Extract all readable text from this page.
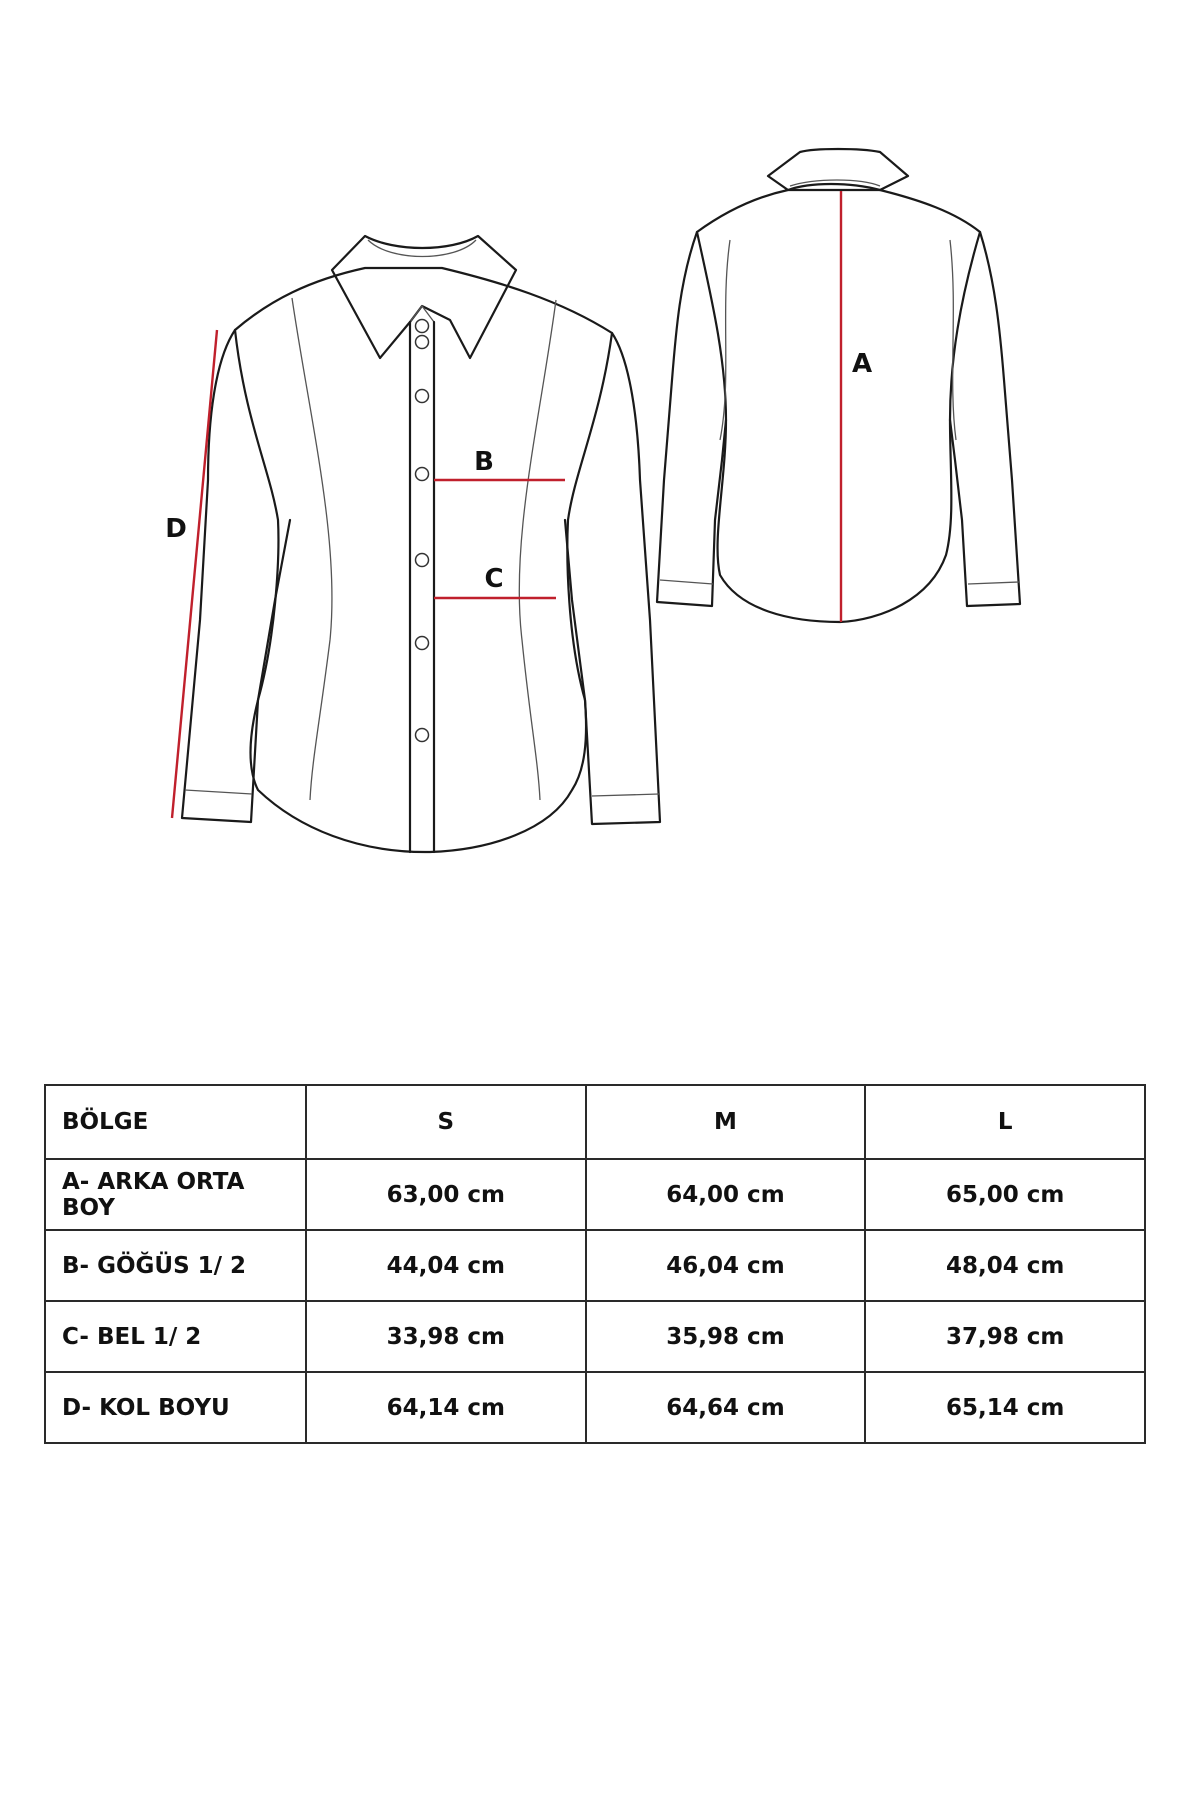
B
C
D
A
BÖLGE	S	M	L
A- ARKA ORTA BOY	63,00 cm	64,00 cm	65,00 cm
B- GÖĞÜS 1/ 2	44,04 cm	46,04 cm	48,04 cm
C- BEL 1/ 2	33,98 cm	35,98 cm	37,98 cm
D- KOL BOYU	64,14 cm	64,64 cm	65,14 cm
